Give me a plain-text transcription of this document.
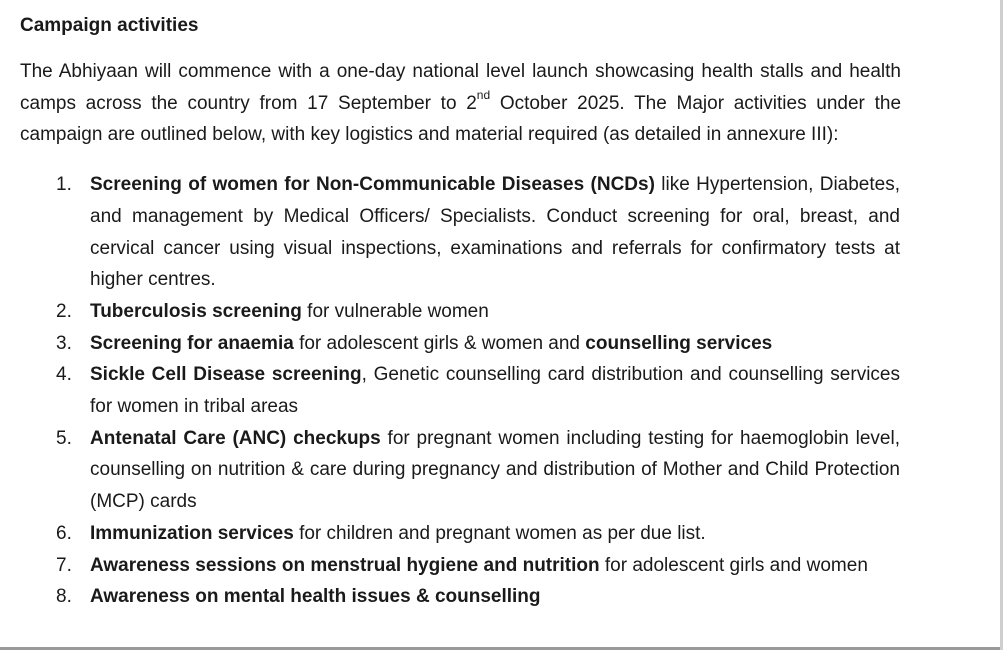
Campaign activities

The Abhiyaan will commence with a one-day national level launch showcasing health stalls and health camps across the country from 17 September to 2nd October 2025. The Major activities under the campaign are outlined below, with key logistics and material required (as detailed in annexure III):

1. Screening of women for Non-Communicable Diseases (NCDs) like Hypertension, Diabetes, and management by Medical Officers/ Specialists. Conduct screening for oral, breast, and cervical cancer using visual inspections, examinations and referrals for confirmatory tests at higher centres.
2. Tuberculosis screening for vulnerable women
3. Screening for anaemia for adolescent girls & women and counselling services
4. Sickle Cell Disease screening, Genetic counselling card distribution and counselling services for women in tribal areas
5. Antenatal Care (ANC) checkups for pregnant women including testing for haemoglobin level, counselling on nutrition & care during pregnancy and distribution of Mother and Child Protection (MCP) cards
6. Immunization services for children and pregnant women as per due list.
7. Awareness sessions on menstrual hygiene and nutrition for adolescent girls and women
8. Awareness on mental health issues & counselling
